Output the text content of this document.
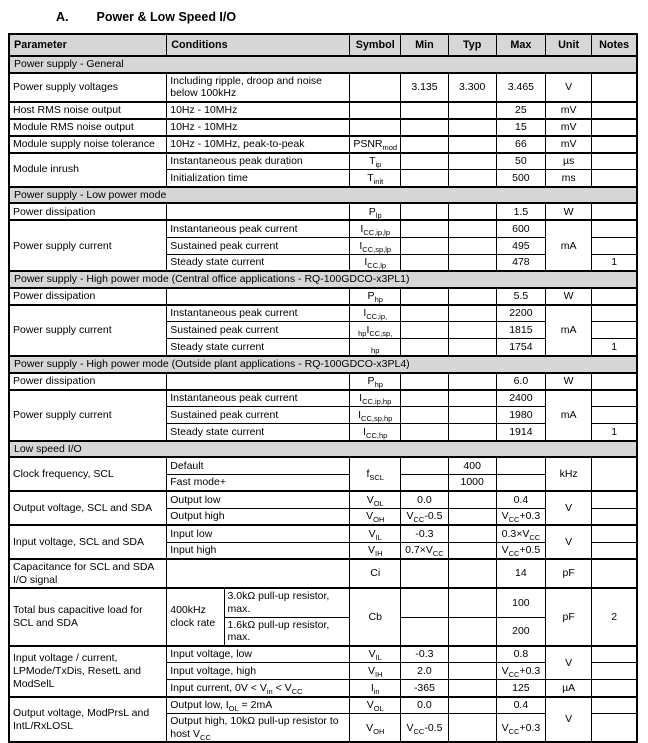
A. Power & Low Speed I/O
Parameter	Conditions		Symbol	Min	Typ	Max	Unit	Notes
Power supply - General								
Power supply voltages	Including ripple, droop and noise below 100kHz			3.135	3.300	3.465	V	
Host RMS noise output	10Hz - 10MHz					25	mV	
Module RMS noise output	10Hz - 10MHz					15	mV	
Module supply noise tolerance	10Hz - 10MHz, peak-to-peak		$PSNR_{mod}$			66	mV	
Module inrush	Instantaneous peak duration		$T_{ip}$			50	µs	
	Initialization time		$T_{init}$			500	ms	
Power supply - Low power mode								
Power dissipation			$P_{lp}$			1.5	W	
Power supply current	Instantaneous peak current		$I_{CC,ip,lp}$			600	mA	
	Sustained peak current		$I_{CC,sp,lp}$			495		
	Steady state current		$I_{CC,lp}$			478		1
Power supply - High power mode (Central office applications - RQ-100GDCO-x3PL1)								
Power dissipation			$P_{hp}$			5.5	W	
Power supply current	Instantaneous peak current		$I_{CC,ip,}$			2200	mA	
	Sustained peak current		$_{hp}I_{CC,sp,}$			1815		
	Steady state current		$_{hp}$			1754		1
Power supply - High power mode (Outside plant applications - RQ-100GDCO-x3PL4)								
Power dissipation			$P_{hp}$			6.0	W	
Power supply current	Instantaneous peak current		$I_{CC,ip,hp}$			2400	mA	
	Sustained peak current		$I_{CC,sp,hp}$			1980		
	Steady state current		$I_{CC,hp}$			1914		1
Low speed I/O								
Clock frequency, SCL	Default		$f_{SCL}$		400		kHz	
	Fast mode+				1000			
Output voltage, SCL and SDA	Output low		$V_{OL}$	0.0		0.4	V	
	Output high		$V_{OH}$	$V_{CC}-0.5$		$V_{CC}+0.3$		
Input voltage, SCL and SDA	Input low		$V_{IL}$	-0.3		$0.3\times V_{CC}$	V	
	Input high		$V_{IH}$	$0.7\times V_{CC}$		$V_{CC}+0.5$		
Capacitance for SCL and SDA I/O signal			Ci			14	pF	
Total bus capacitive load for SCL and SDA	400kHz clock rate	3.0kΩ pull-up resistor, max.	Cb			100	pF	2
		1.6kΩ pull-up resistor, max.				200		
Input voltage / current, LPMode/TxDis, ResetL and ModSelL	Input voltage, low		$V_{IL}$	-0.3		0.8	V	
	Input voltage, high		$V_{IH}$	2.0		$V_{CC}+0.3$		
	Input current, $0V < V_{in} < V_{CC}$		$I_{in}$	-365		125	µA	
Output voltage, ModPrsL and IntL/RxLOSL	Output low, $I_{OL} = 2mA$		$V_{OL}$	0.0		0.4	V	
	Output high, 10kΩ pull-up resistor to host $V_{CC}$		$V_{OH}$	$V_{CC}-0.5$		$V_{CC}+0.3$		
